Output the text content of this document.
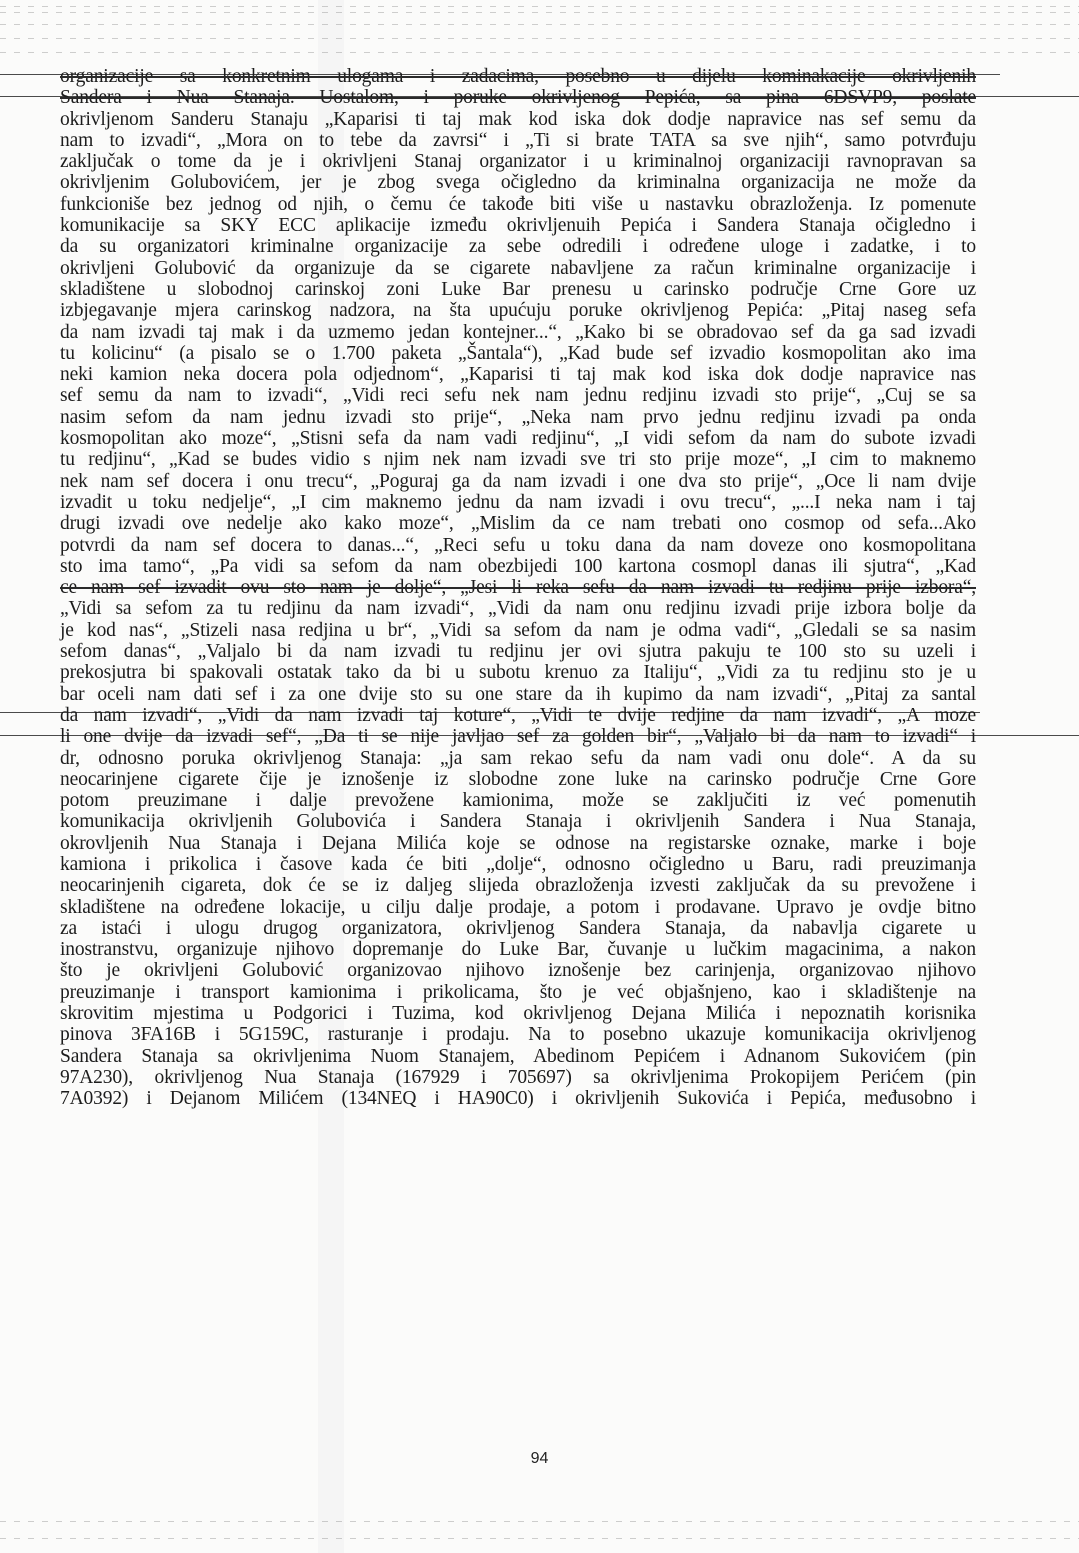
organizacije sa konkretnim ulogama i zadacima, posebno u dijelu kominakacije okrivljenih
Sandera i Nua Stanaja. Uostalom, i poruke okrivljenog Pepića, sa pina 6DSVP9, poslate
okrivljenom Sanderu Stanaju „Kaparisi ti taj mak kod iska dok dodje napravice nas sef semu da
nam to izvadi“, „Mora on to tebe da zavrsi“ i „Ti si brate TATA sa sve njih“, samo potvrđuju
zaključak o tome da je i okrivljeni Stanaj organizator i u kriminalnoj organizaciji ravnopravan sa
okrivljenim Golubovićem, jer je zbog svega očigledno da kriminalna organizacija ne može da
funkcioniše bez jednog od njih, o čemu će takođe biti više u nastavku obrazloženja. Iz pomenute
komunikacije sa SKY ECC aplikacije između okrivljenuih Pepića i Sandera Stanaja očigledno i
da su organizatori kriminalne organizacije za sebe odredili i određene uloge i zadatke, i to
okrivljeni Golubović da organizuje da se cigarete nabavljene za račun kriminalne organizacije i
skladištene u slobodnoj carinskoj zoni Luke Bar prenesu u carinsko područje Crne Gore uz
izbjegavanje mjera carinskog nadzora, na šta upućuju poruke okrivljenog Pepića: „Pitaj naseg sefa
da nam izvadi taj mak i da uzmemo jedan kontejner...“, „Kako bi se obradovao sef da ga sad izvadi
tu kolicinu“ (a pisalo se o 1.700 paketa „Šantala“), „Kad bude sef izvadio kosmopolitan ako ima
neki kamion neka docera pola odjednom“, „Kaparisi ti taj mak kod iska dok dodje napravice nas
sef semu da nam to izvadi“, „Vidi reci sefu nek nam jednu redjinu izvadi sto prije“, „Cuj se sa
nasim sefom da nam jednu izvadi sto prije“, „Neka nam prvo jednu redjinu izvadi pa onda
kosmopolitan ako moze“, „Stisni sefa da nam vadi redjinu“, „I vidi sefom da nam do subote izvadi
tu redjinu“, „Kad se budes vidio s njim nek nam izvadi sve tri sto prije moze“, „I cim to maknemo
nek nam sef docera i onu trecu“, „Poguraj ga da nam izvadi i one dva sto prije“, „Oce li nam dvije
izvadit u toku nedjelje“, „I cim maknemo jednu da nam izvadi i ovu trecu“, „...I neka nam i taj
drugi izvadi ove nedelje ako kako moze“, „Mislim da ce nam trebati ono cosmop od sefa...Ako
potvrdi da nam sef docera to danas...“, „Reci sefu u toku dana da nam doveze ono kosmopolitana
sto ima tamo“, „Pa vidi sa sefom da nam obezbijedi 100 kartona cosmopl danas ili sjutra“, „Kad
ce nam sef izvadit ovu sto nam je dolje“, „Jesi li reka sefu da nam izvadi tu redjinu prije izbora“,
„Vidi sa sefom za tu redjinu da nam izvadi“, „Vidi da nam onu redjinu izvadi prije izbora bolje da
je kod nas“, „Stizeli nasa redjina u br“, „Vidi sa sefom da nam je odma vadi“, „Gledali se sa nasim
sefom danas“, „Valjalo bi da nam izvadi tu redjinu jer ovi sjutra pakuju te 100 sto su uzeli i
prekosjutra bi spakovali ostatak tako da bi u subotu krenuo za Italiju“, „Vidi za tu redjinu sto je u
bar oceli nam dati sef i za one dvije sto su one stare da ih kupimo da nam izvadi“, „Pitaj za santal
da nam izvadi“, „Vidi da nam izvadi taj koture“, „Vidi te dvije redjine da nam izvadi“, „A moze
li one dvije da izvadi sef“, „Da ti se nije javljao sef za golden bir“, „Valjalo bi da nam to izvadi“ i
dr, odnosno poruka okrivljenog Stanaja: „ja sam rekao sefu da nam vadi onu dole“. A da su
neocarinjene cigarete čije je iznošenje iz slobodne zone luke na carinsko područje Crne Gore
potom preuzimane i dalje prevožene kamionima, može se zaključiti iz već pomenutih
komunikacija okrivljenih Golubovića i Sandera Stanaja i okrivljenih Sandera i Nua Stanaja,
okrovljenih Nua Stanaja i Dejana Milića koje se odnose na registarske oznake, marke i boje
kamiona i prikolica i časove kada će biti „dolje“, odnosno očigledno u Baru, radi preuzimanja
neocarinjenih cigareta, dok će se iz daljeg slijeda obrazloženja izvesti zaključak da su prevožene i
skladištene na određene lokacije, u cilju dalje prodaje, a potom i prodavane. Upravo je ovdje bitno
za istaći i ulogu drugog organizatora, okrivljenog Sandera Stanaja, da nabavlja cigarete u
inostranstvu, organizuje njihovo dopremanje do Luke Bar, čuvanje u lučkim magacinima, a nakon
što je okrivljeni Golubović organizovao njihovo iznošenje bez carinjenja, organizovao njihovo
preuzimanje i transport kamionima i prikolicama, što je već objašnjeno, kao i skladištenje na
skrovitim mjestima u Podgorici i Tuzima, kod okrivljenog Dejana Milića i nepoznatih korisnika
pinova 3FA16B i 5G159C, rasturanje i prodaju. Na to posebno ukazuje komunikacija okrivljenog
Sandera Stanaja sa okrivljenima Nuom Stanajem, Abedinom Pepićem i Adnanom Sukovićem (pin
97A230), okrivljenog Nua Stanaja (167929 i 705697) sa okrivljenima Prokopijem Perićem (pin
7A0392) i Dejanom Milićem (134NEQ i HA90C0) i okrivljenih Sukovića i Pepića, međusobno i
94
